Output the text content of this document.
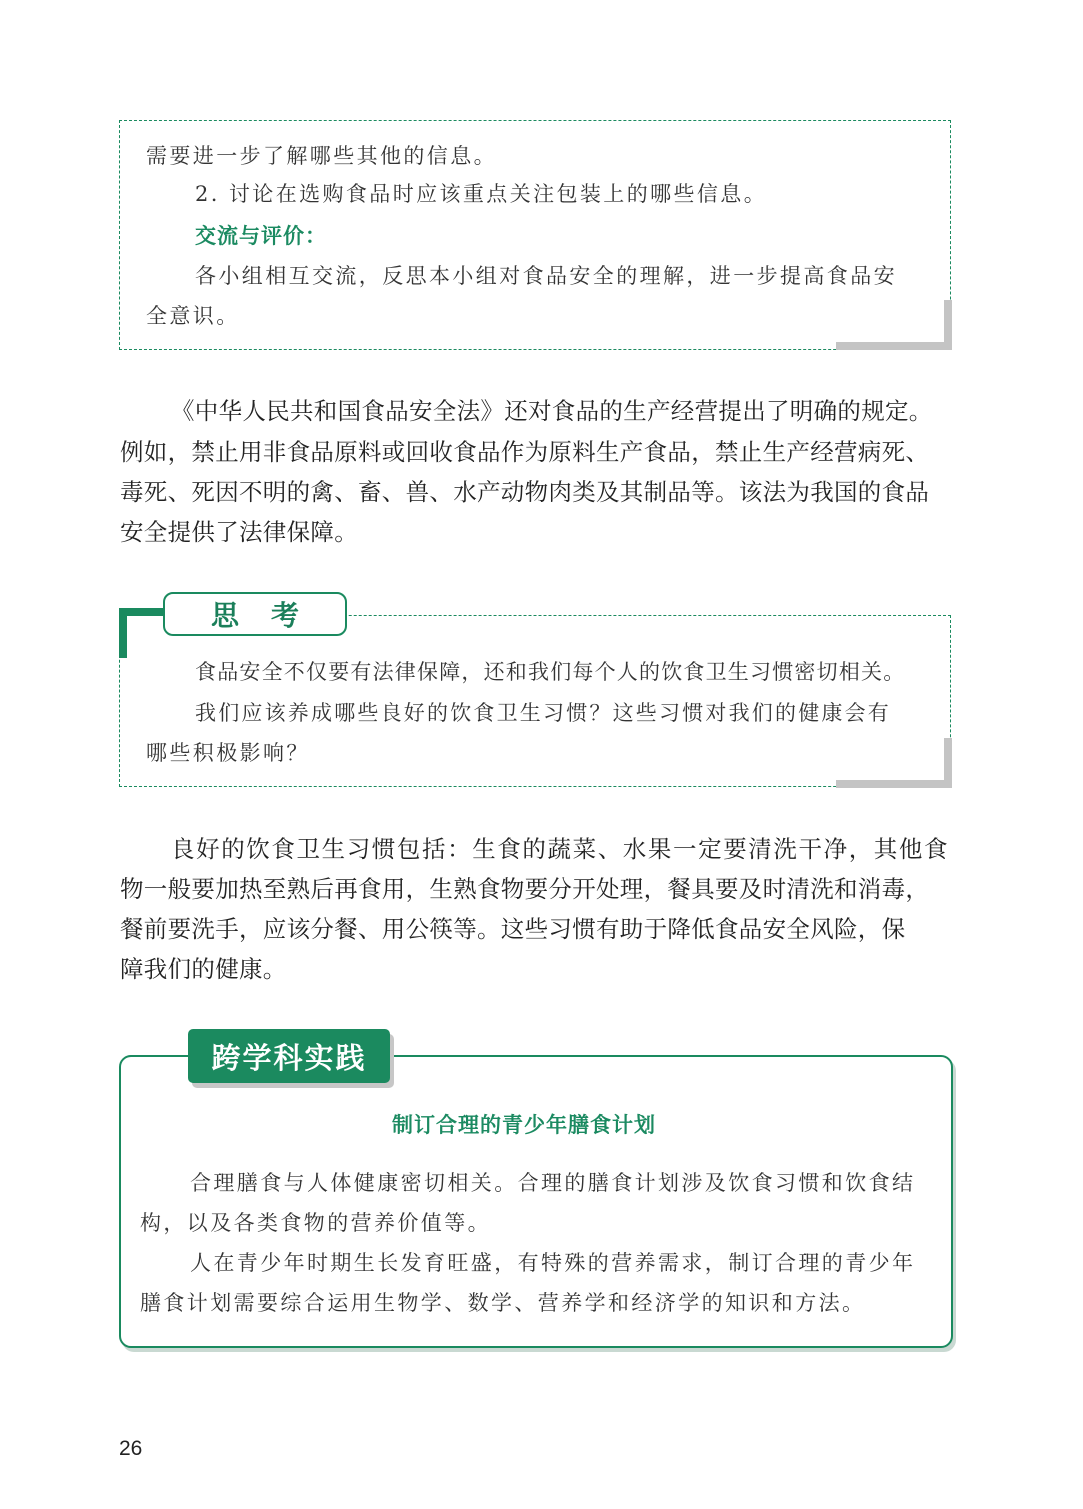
需要进一步了解哪些其他的信息。
2. 讨论在选购食品时应该重点关注包装上的哪些信息。
交流与评价：
各小组相互交流，反思本小组对食品安全的理解，进一步提高食品安
全意识。
《中华人民共和国食品安全法》还对食品的生产经营提出了明确的规定。
例如，禁止用非食品原料或回收食品作为原料生产食品，禁止生产经营病死、
毒死、死因不明的禽、畜、兽、水产动物肉类及其制品等。该法为我国的食品
安全提供了法律保障。
思考
食品安全不仅要有法律保障，还和我们每个人的饮食卫生习惯密切相关。
我们应该养成哪些良好的饮食卫生习惯？这些习惯对我们的健康会有
哪些积极影响？
良好的饮食卫生习惯包括：生食的蔬菜、水果一定要清洗干净，其他食
物一般要加热至熟后再食用，生熟食物要分开处理，餐具要及时清洗和消毒，
餐前要洗手，应该分餐、用公筷等。这些习惯有助于降低食品安全风险，保
障我们的健康。
跨学科实践
制订合理的青少年膳食计划
合理膳食与人体健康密切相关。合理的膳食计划涉及饮食习惯和饮食结
构，以及各类食物的营养价值等。
人在青少年时期生长发育旺盛，有特殊的营养需求，制订合理的青少年
膳食计划需要综合运用生物学、数学、营养学和经济学的知识和方法。
26
